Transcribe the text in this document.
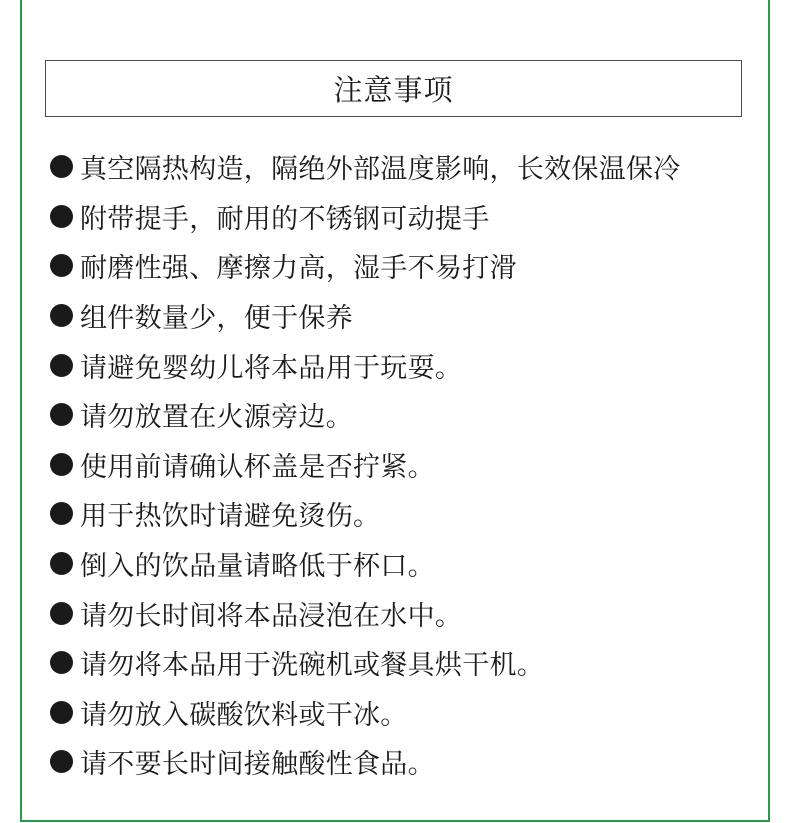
注意事项
真空隔热构造，隔绝外部温度影响，长效保温保冷
附带提手，耐用的不锈钢可动提手
耐磨性强、摩擦力高，湿手不易打滑
组件数量少，便于保养
请避免婴幼儿将本品用于玩耍。
请勿放置在火源旁边。
使用前请确认杯盖是否拧紧。
用于热饮时请避免烫伤。
倒入的饮品量请略低于杯口。
请勿长时间将本品浸泡在水中。
请勿将本品用于洗碗机或餐具烘干机。
请勿放入碳酸饮料或干冰。
请不要长时间接触酸性食品。
